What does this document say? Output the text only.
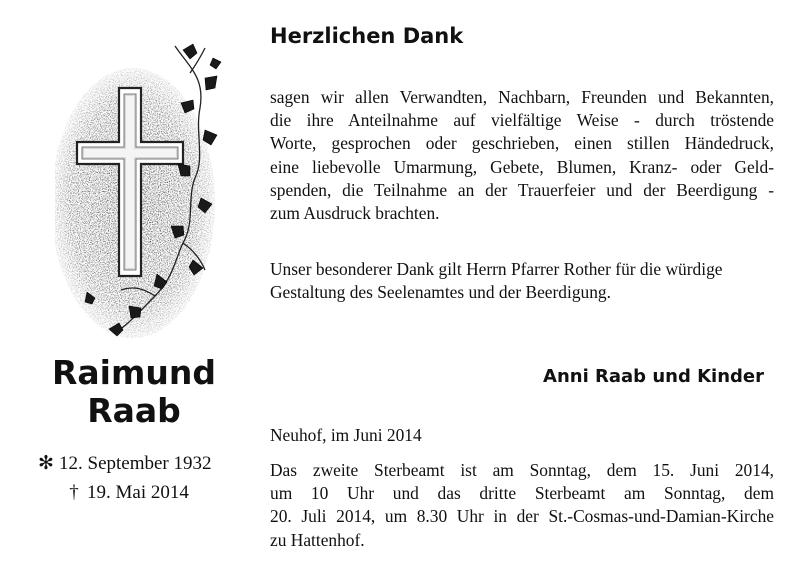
Raimund
Raab
✻ 12. September 1932
† 19. Mai 2014
Herzlichen Dank

sagen wir allen Verwandten, Nachbarn, Freunden und Bekannten,
die ihre Anteilnahme auf vielfältige Weise - durch tröstende
Worte, gesprochen oder geschrieben, einen stillen Händedruck,
eine liebevolle Umarmung, Gebete, Blumen, Kranz- oder Geld-
spenden, die Teilnahme an der Trauerfeier und der Beerdigung -
zum Ausdruck brachten.

Unser besonderer Dank gilt Herrn Pfarrer Rother für die würdige
Gestaltung des Seelenamtes und der Beerdigung.

Anni Raab und Kinder
Neuhof, im Juni 2014

Das zweite Sterbeamt ist am Sonntag, dem 15. Juni 2014,
um 10 Uhr und das dritte Sterbeamt am Sonntag, dem
20. Juli 2014, um 8.30 Uhr in der St.-Cosmas-und-Damian-Kirche
zu Hattenhof.
